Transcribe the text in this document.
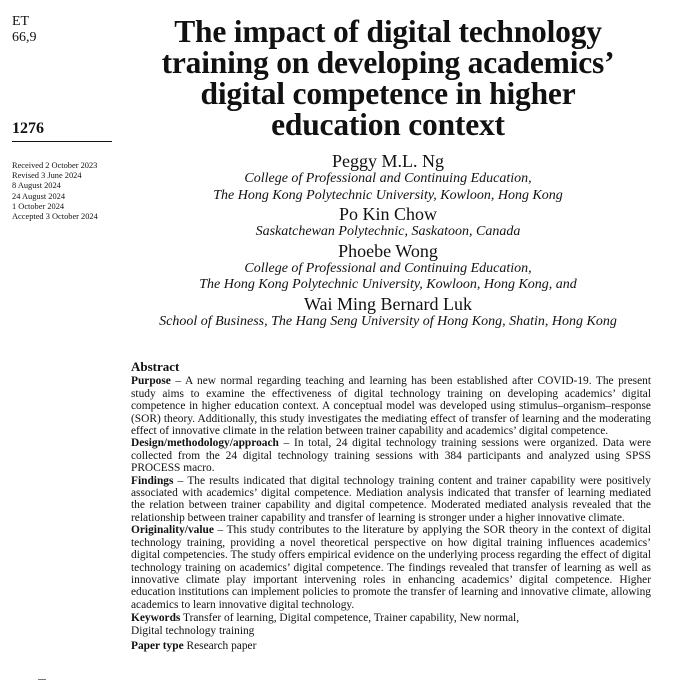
ET
66,9
1276
Received 2 October 2023
Revised 3 June 2024
8 August 2024
24 August 2024
1 October 2024
Accepted 3 October 2024
The impact of digital technology
training on developing academics’
digital competence in higher
education context
Peggy M.L. Ng
College of Professional and Continuing Education,
The Hong Kong Polytechnic University, Kowloon, Hong Kong
Po Kin Chow
Saskatchewan Polytechnic, Saskatoon, Canada
Phoebe Wong
College of Professional and Continuing Education,
The Hong Kong Polytechnic University, Kowloon, Hong Kong, and
Wai Ming Bernard Luk
School of Business, The Hang Seng University of Hong Kong, Shatin, Hong Kong
Abstract

Purpose – A new normal regarding teaching and learning has been established after COVID-19. The present study aims to examine the effectiveness of digital technology training on developing academics’ digital competence in higher education context. A conceptual model was developed using stimulus–organism–response (SOR) theory. Additionally, this study investigates the mediating effect of transfer of learning and the moderating effect of innovative climate in the relation between trainer capability and academics’ digital competence.

Design/methodology/approach – In total, 24 digital technology training sessions were organized. Data were collected from the 24 digital technology training sessions with 384 participants and analyzed using SPSS PROCESS macro.

Findings – The results indicated that digital technology training content and trainer capability were positively associated with academics’ digital competence. Mediation analysis indicated that transfer of learning mediated the relation between trainer capability and digital competence. Moderated mediated analysis revealed that the relationship between trainer capability and transfer of learning is stronger under a higher innovative climate.

Originality/value – This study contributes to the literature by applying the SOR theory in the context of digital technology training, providing a novel theoretical perspective on how digital training influences academics’ digital competencies. The study offers empirical evidence on the underlying process regarding the effect of digital technology training on academics’ digital competence. The findings revealed that transfer of learning as well as innovative climate play important intervening roles in enhancing academics’ digital competence. Higher education institutions can implement policies to promote the transfer of learning and innovative climate, allowing academics to learn innovative digital technology.

Keywords Transfer of learning, Digital competence, Trainer capability, New normal,
Digital technology training
Paper type Research paper
